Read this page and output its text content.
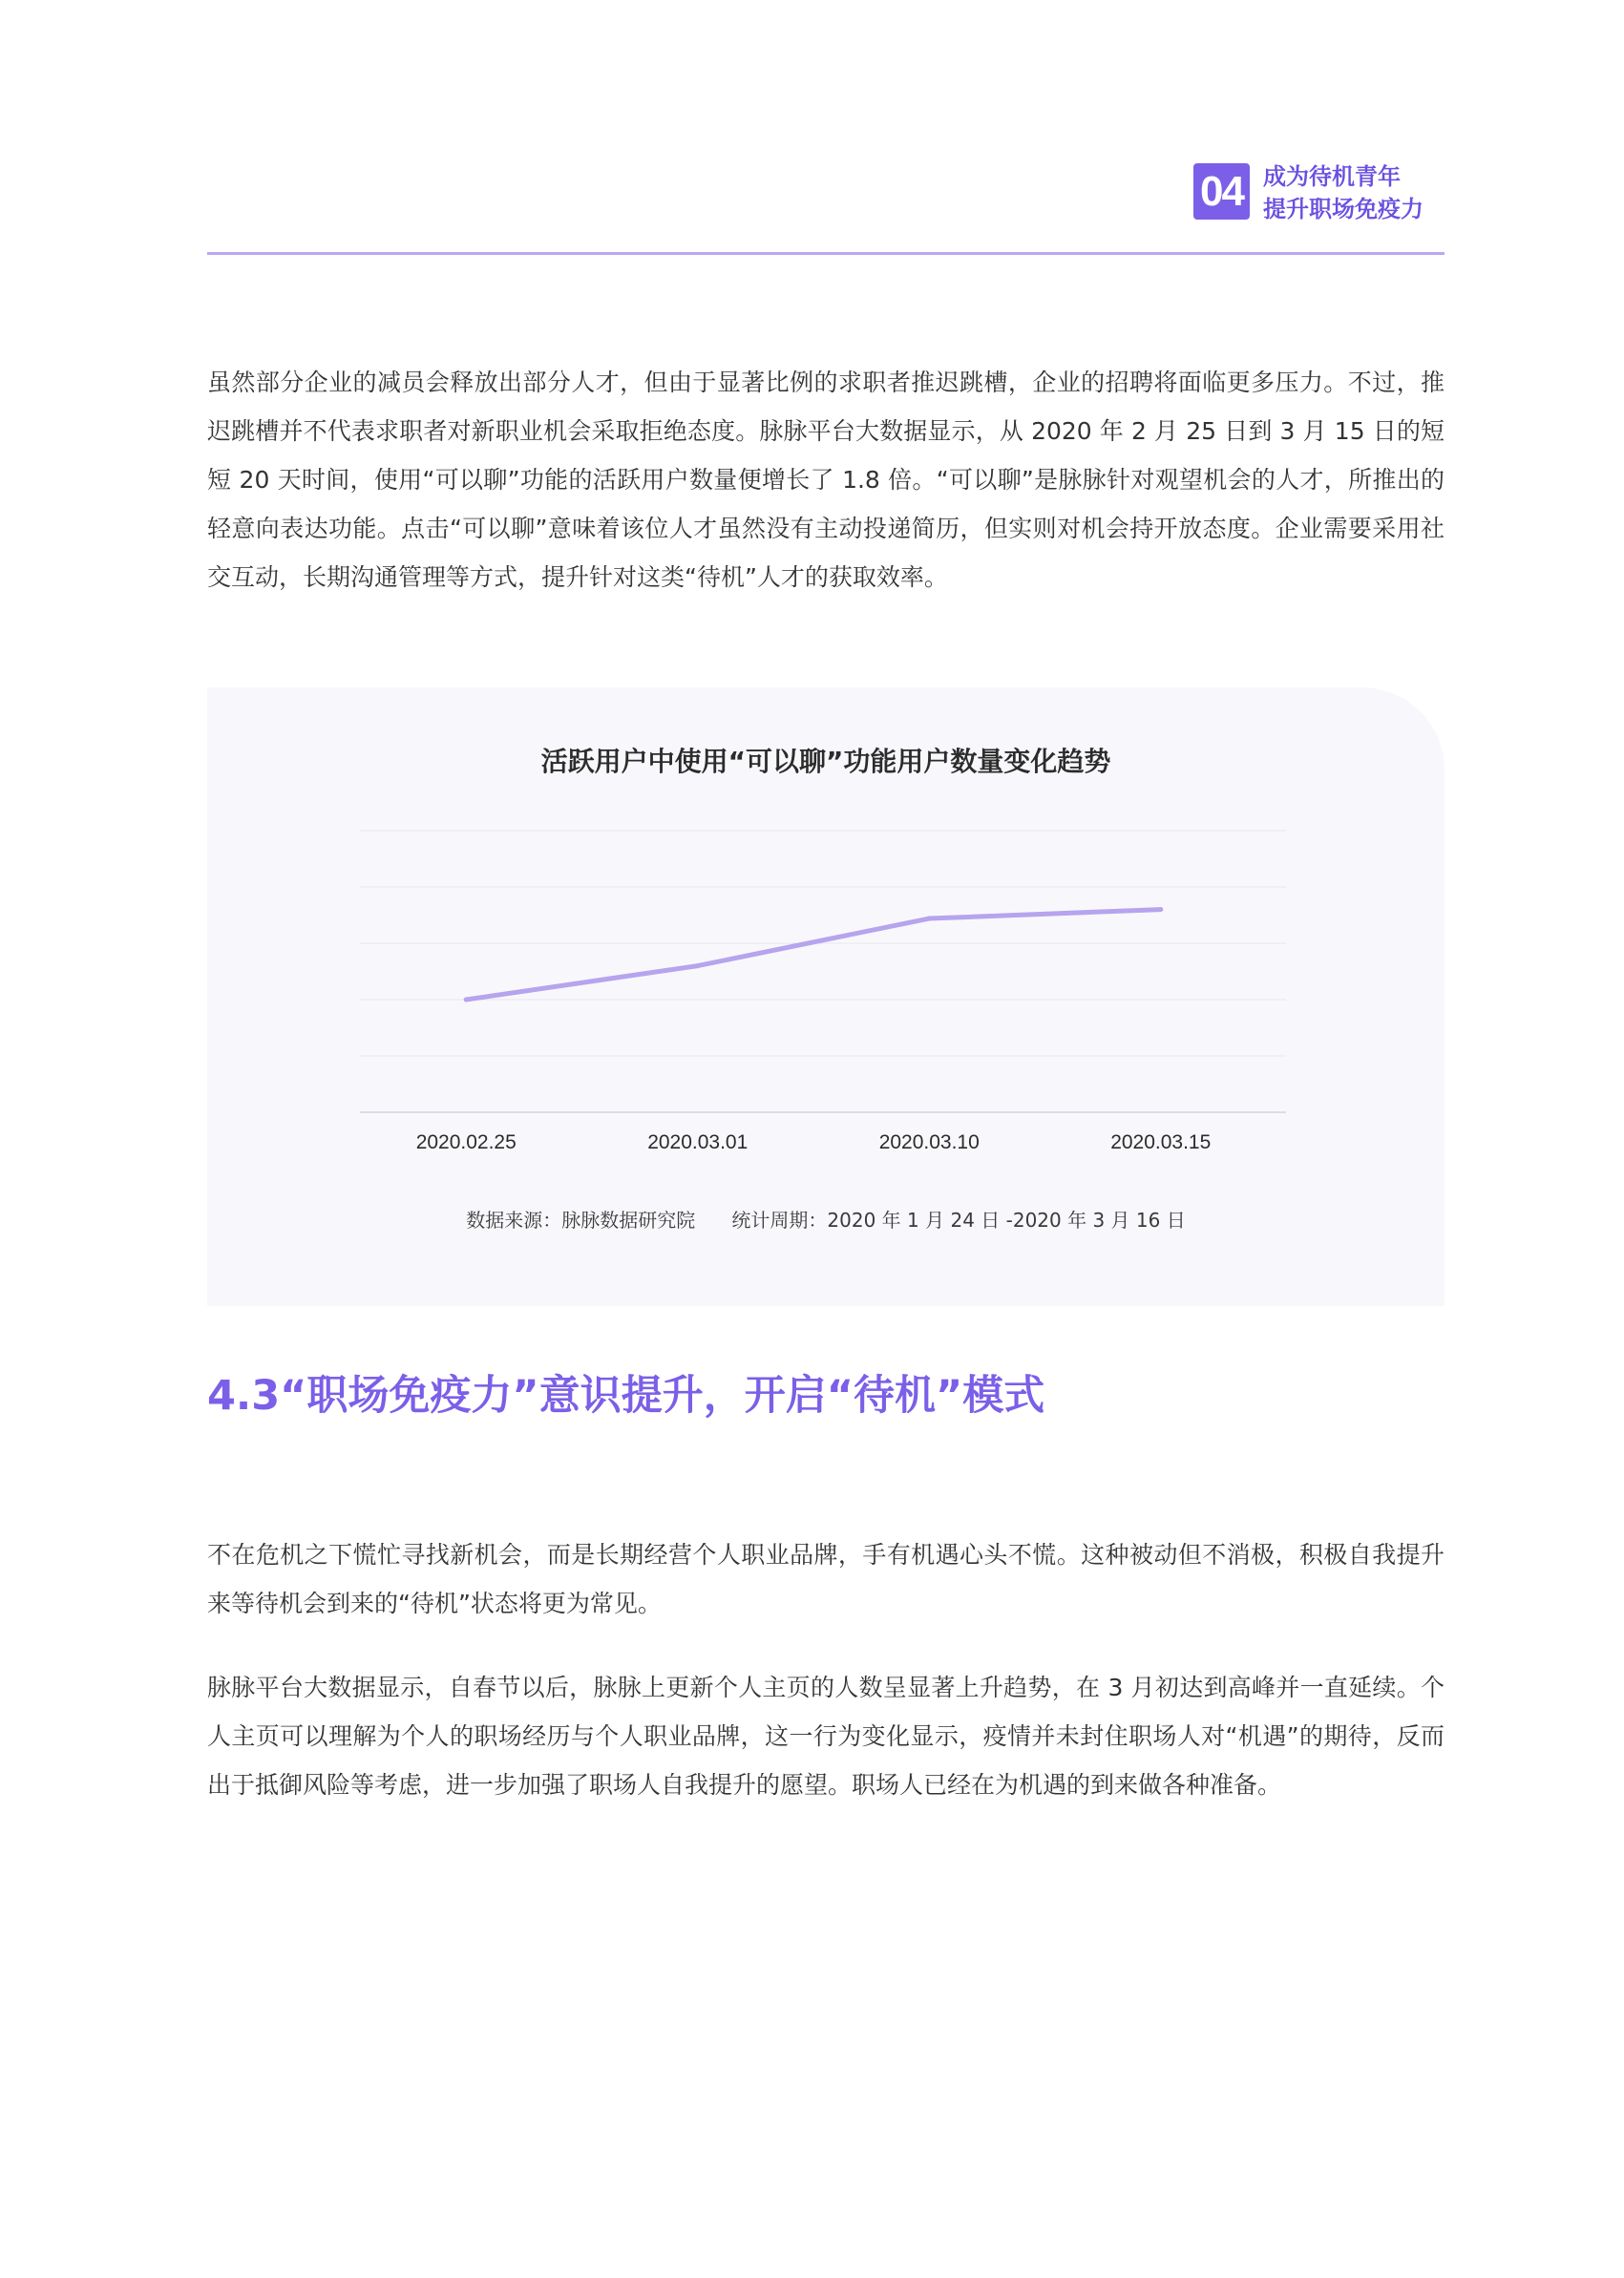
04 成为待机青年
提升职场免疫力

虽然部分企业的减员会释放出部分人才，但由于显著比例的求职者推迟跳槽，企业的招聘将面临更多压力。不过，推迟跳槽并不代表求职者对新职业机会采取拒绝态度。脉脉平台大数据显示，从 2020 年 2 月 25 日到 3 月 15 日的短短 20 天时间，使用“可以聊”功能的活跃用户数量便增长了 1.8 倍。“可以聊”是脉脉针对观望机会的人才，所推出的轻意向表达功能。点击“可以聊”意味着该位人才虽然没有主动投递简历，但实则对机会持开放态度。企业需要采用社交互动，长期沟通管理等方式，提升针对这类“待机”人才的获取效率。

活跃用户中使用“可以聊”功能用户数量变化趋势
2020.02.25	2020.03.01	2020.03.10	2020.03.15
数据来源：脉脉数据研究院 统计周期：2020 年 1 月 24 日 -2020 年 3 月 16 日
4.3“职场免疫力”意识提升，开启“待机”模式

不在危机之下慌忙寻找新机会，而是长期经营个人职业品牌，手有机遇心头不慌。这种被动但不消极，积极自我提升来等待机会到来的“待机”状态将更为常见。

脉脉平台大数据显示，自春节以后，脉脉上更新个人主页的人数呈显著上升趋势，在 3 月初达到高峰并一直延续。个人主页可以理解为个人的职场经历与个人职业品牌，这一行为变化显示，疫情并未封住职场人对“机遇”的期待，反而出于抵御风险等考虑，进一步加强了职场人自我提升的愿望。职场人已经在为机遇的到来做各种准备。
